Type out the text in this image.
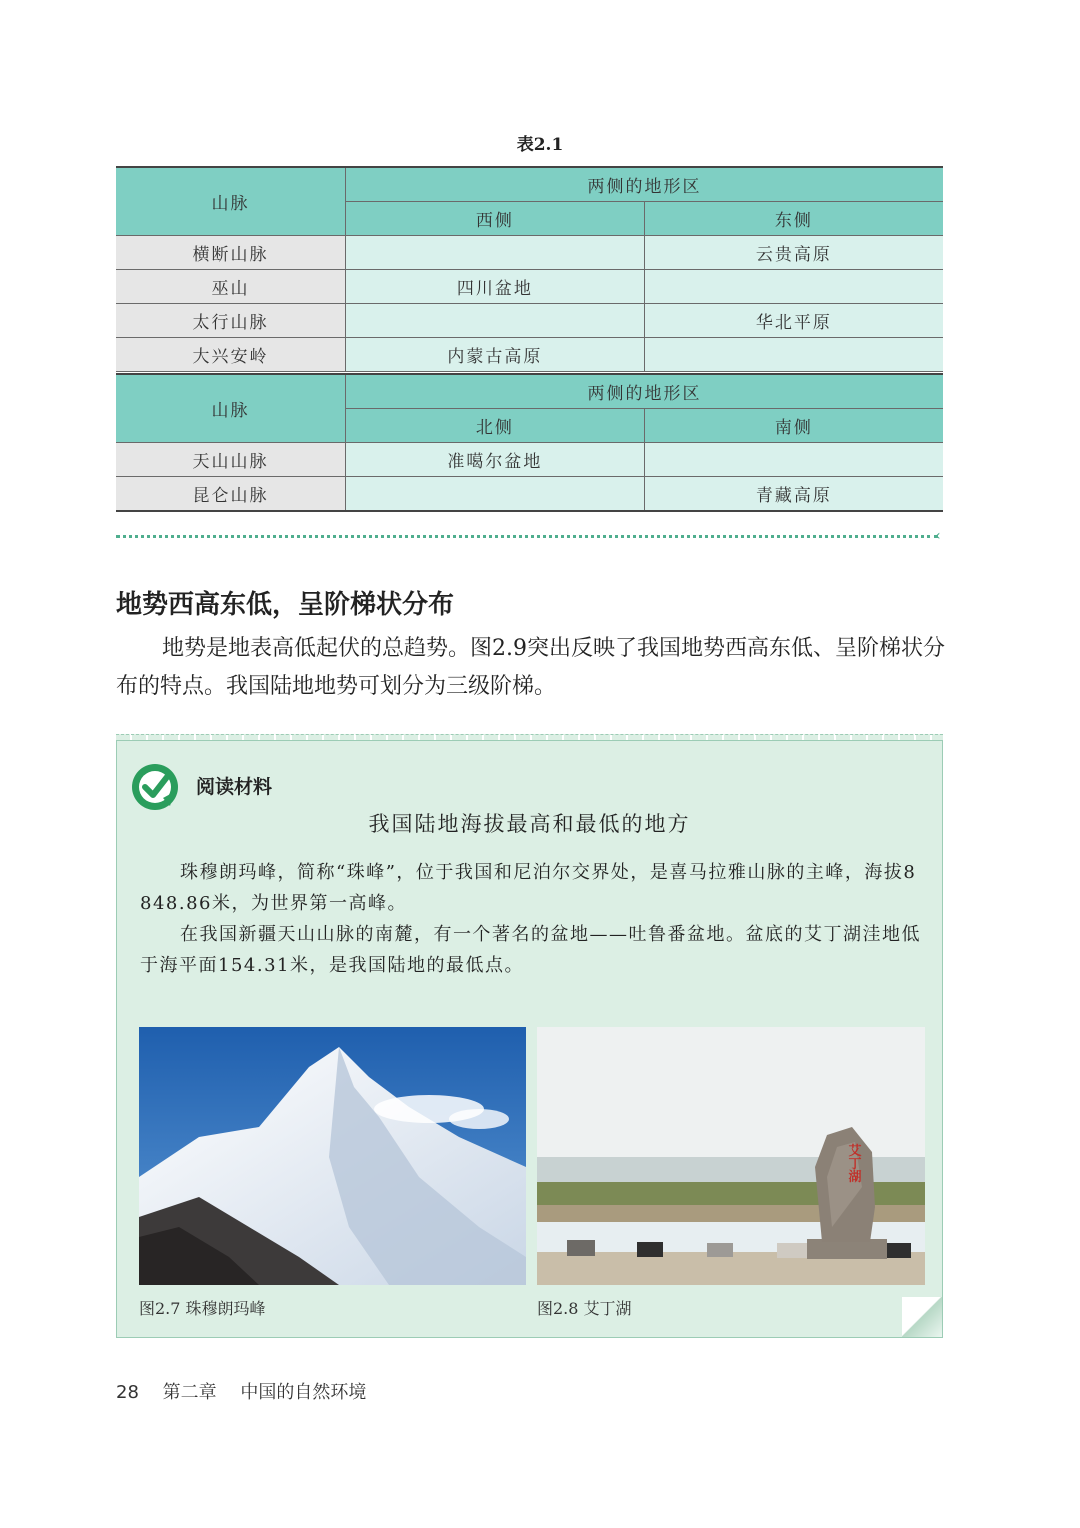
表2.1
山脉	两侧的地形区	
	西侧	东侧
横断山脉		云贵高原
巫山	四川盆地	
太行山脉		华北平原
大兴安岭	内蒙古高原	
山脉	两侧的地形区	
	北侧	南侧
天山山脉	准噶尔盆地	
昆仑山脉		青藏高原
‹
地势西高东低，呈阶梯状分布
地势是地表高低起伏的总趋势。图2.9突出反映了我国地势西高东低、呈阶梯状分布的特点。我国陆地地势可划分为三级阶梯。
阅读材料
我国陆地海拔最高和最低的地方
珠穆朗玛峰，简称“珠峰”，位于我国和尼泊尔交界处，是喜马拉雅山脉的主峰，海拔8 848.86米，为世界第一高峰。
在我国新疆天山山脉的南麓，有一个著名的盆地——吐鲁番盆地。盆底的艾丁湖洼地低于海平面154.31米，是我国陆地的最低点。
艾丁湖
图2.7 珠穆朗玛峰	图2.8 艾丁湖
28 第二章 中国的自然环境
